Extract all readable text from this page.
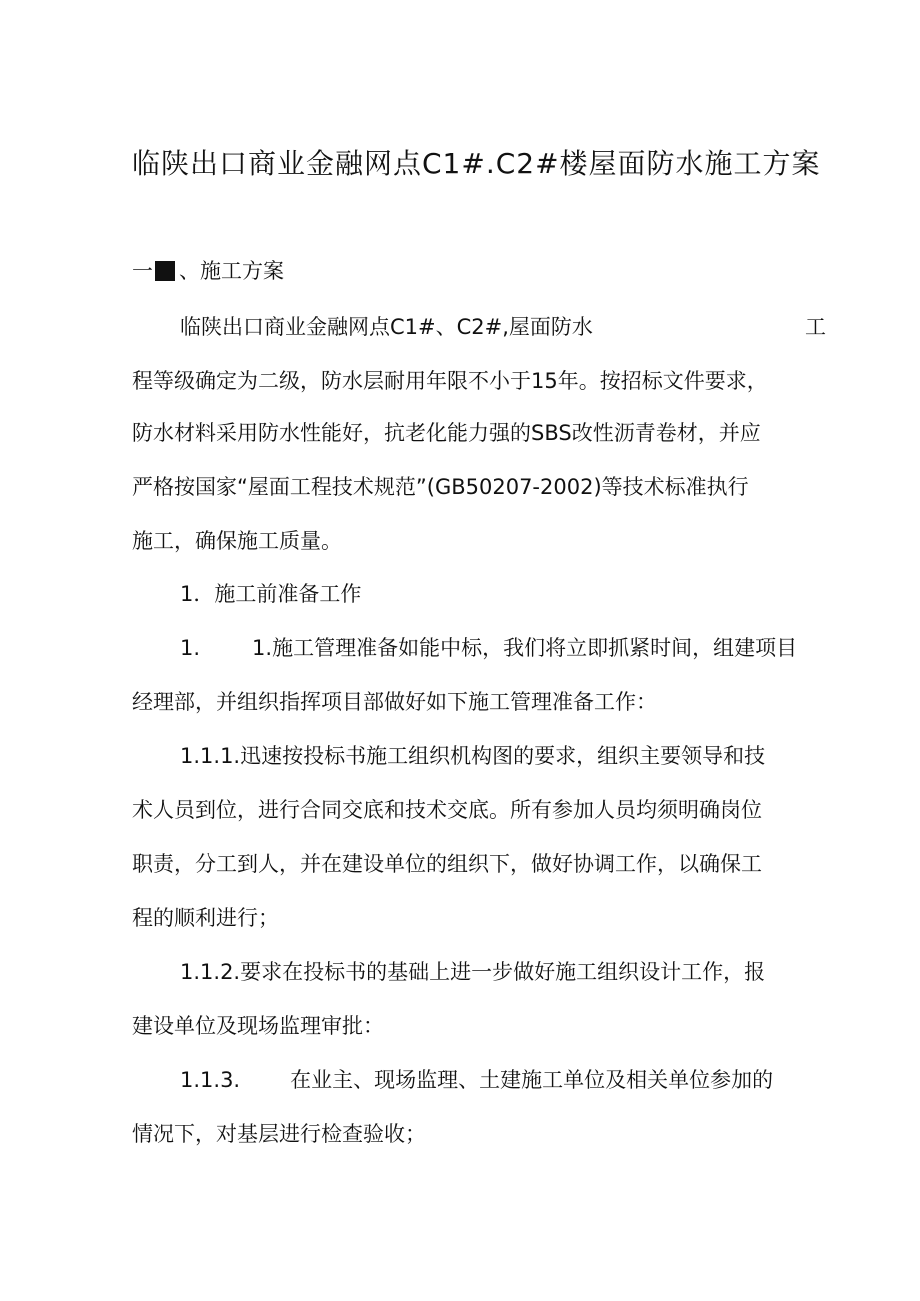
临陕出口商业金融网点C1#.C2#楼屋面防水施工方案
一 、施工方案
临陕出口商业金融网点C1#、C2#,屋面防水	工
程等级确定为二级，防水层耐用年限不小于15年。按招标文件要求，
防水材料采用防水性能好，抗老化能力强的SBS改性沥青卷材，并应
严格按国家“屋面工程技术规范”(GB50207-2002)等技术标准执行
施工，确保施工质量。
1．施工前准备工作
1. 1.施工管理准备如能中标，我们将立即抓紧时间，组建项目
经理部，并组织指挥项目部做好如下施工管理准备工作：
1.1.1.迅速按投标书施工组织机构图的要求，组织主要领导和技
术人员到位，进行合同交底和技术交底。所有参加人员均须明确岗位
职责，分工到人，并在建设单位的组织下，做好协调工作，以确保工
程的顺利进行；
1.1.2.要求在投标书的基础上进一步做好施工组织设计工作，报
建设单位及现场监理审批：
1.1.3. 在业主、现场监理、土建施工单位及相关单位参加的
情况下，对基层进行检查验收；
